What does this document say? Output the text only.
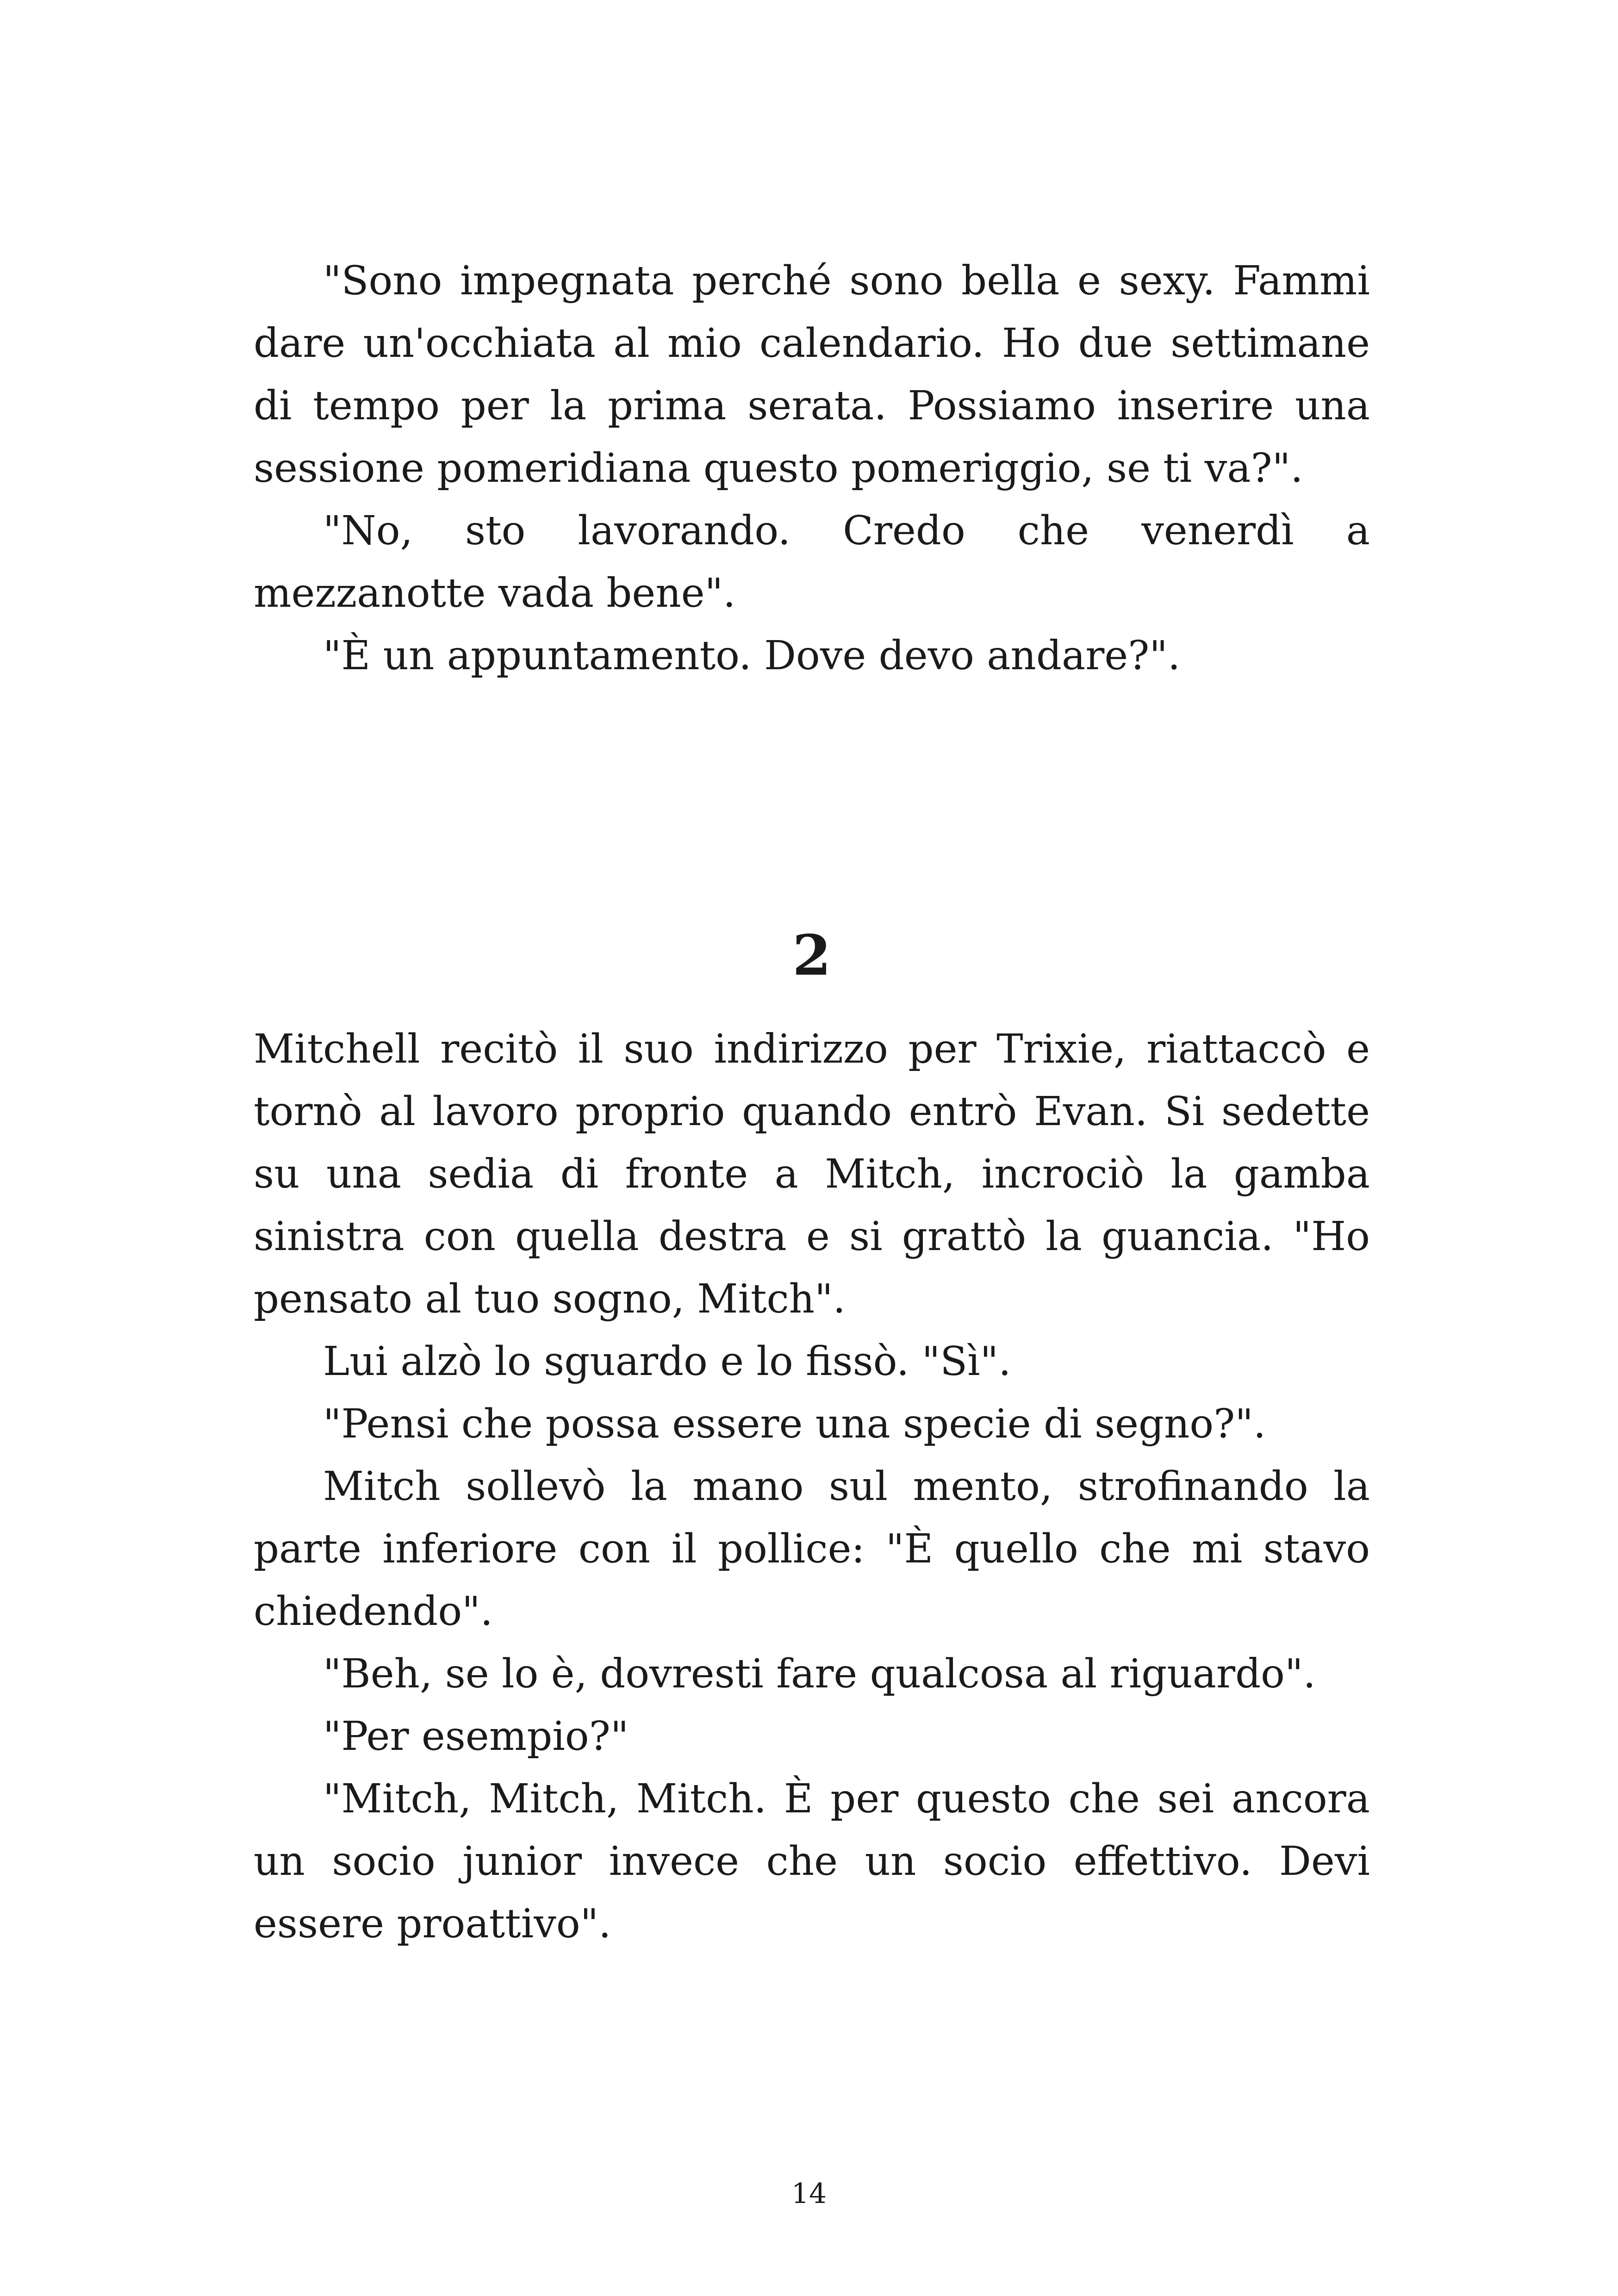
"Sono impegnata perché sono bella e sexy. Fammi dare un'occhiata al mio calendario. Ho due settimane di tempo per la prima serata. Possiamo inserire una sessione pomeridiana questo pomeriggio, se ti va?".

"No, sto lavorando. Credo che venerdì a mezzanotte vada bene".

"È un appuntamento. Dove devo andare?".

2

Mitchell recitò il suo indirizzo per Trixie, riattaccò e tornò al lavoro proprio quando entrò Evan. Si sedette su una sedia di fronte a Mitch, incrociò la gamba sinistra con quella destra e si grattò la guancia. "Ho pensato al tuo sogno, Mitch".

Lui alzò lo sguardo e lo fissò. "Sì".

"Pensi che possa essere una specie di segno?".

Mitch sollevò la mano sul mento, strofinando la parte inferiore con il pollice: "È quello che mi stavo chiedendo".

"Beh, se lo è, dovresti fare qualcosa al riguardo".

"Per esempio?"

"Mitch, Mitch, Mitch. È per questo che sei ancora un socio junior invece che un socio effettivo. Devi essere proattivo".

14
